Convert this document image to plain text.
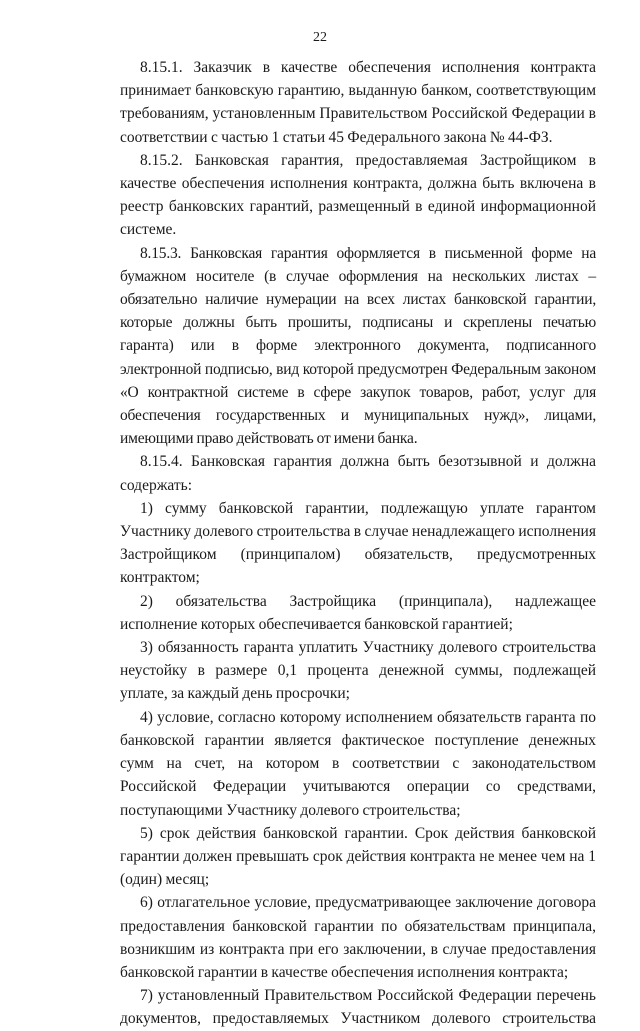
22

8.15.1. Заказчик в качестве обеспечения исполнения контракта принимает банковскую гарантию, выданную банком, соответствующим требованиям, установленным Правительством Российской Федерации в соответствии с частью 1 статьи 45 Федерального закона № 44-ФЗ.

8.15.2. Банковская гарантия, предоставляемая Застройщиком в качестве обеспечения исполнения контракта, должна быть включена в реестр банковских гарантий, размещенный в единой информационной системе.

8.15.3. Банковская гарантия оформляется в письменной форме на бумажном носителе (в случае оформления на нескольких листах – обязательно наличие нумерации на всех листах банковской гарантии, которые должны быть прошиты, подписаны и скреплены печатью гаранта) или в форме электронного документа, подписанного электронной подписью, вид которой предусмотрен Федеральным законом «О контрактной системе в сфере закупок товаров, работ, услуг для обеспечения государственных и муниципальных нужд», лицами, имеющими право действовать от имени банка.

8.15.4. Банковская гарантия должна быть безотзывной и должна содержать:

1) сумму банковской гарантии, подлежащую уплате гарантом Участнику долевого строительства в случае ненадлежащего исполнения Застройщиком (принципалом) обязательств, предусмотренных контрактом;

2) обязательства Застройщика (принципала), надлежащее исполнение которых обеспечивается банковской гарантией;

3) обязанность гаранта уплатить Участнику долевого строительства неустойку в размере 0,1 процента денежной суммы, подлежащей уплате, за каждый день просрочки;

4) условие, согласно которому исполнением обязательств гаранта по банковской гарантии является фактическое поступление денежных сумм на счет, на котором в соответствии с законодательством Российской Федерации учитываются операции со средствами, поступающими Участнику долевого строительства;

5) срок действия банковской гарантии. Срок действия банковской гарантии должен превышать срок действия контракта не менее чем на 1 (один) месяц;

6) отлагательное условие, предусматривающее заключение договора предоставления банковской гарантии по обязательствам принципала, возникшим из контракта при его заключении, в случае предоставления банковской гарантии в качестве обеспечения исполнения контракта;

7) установленный Правительством Российской Федерации перечень документов, предоставляемых Участником долевого строительства
